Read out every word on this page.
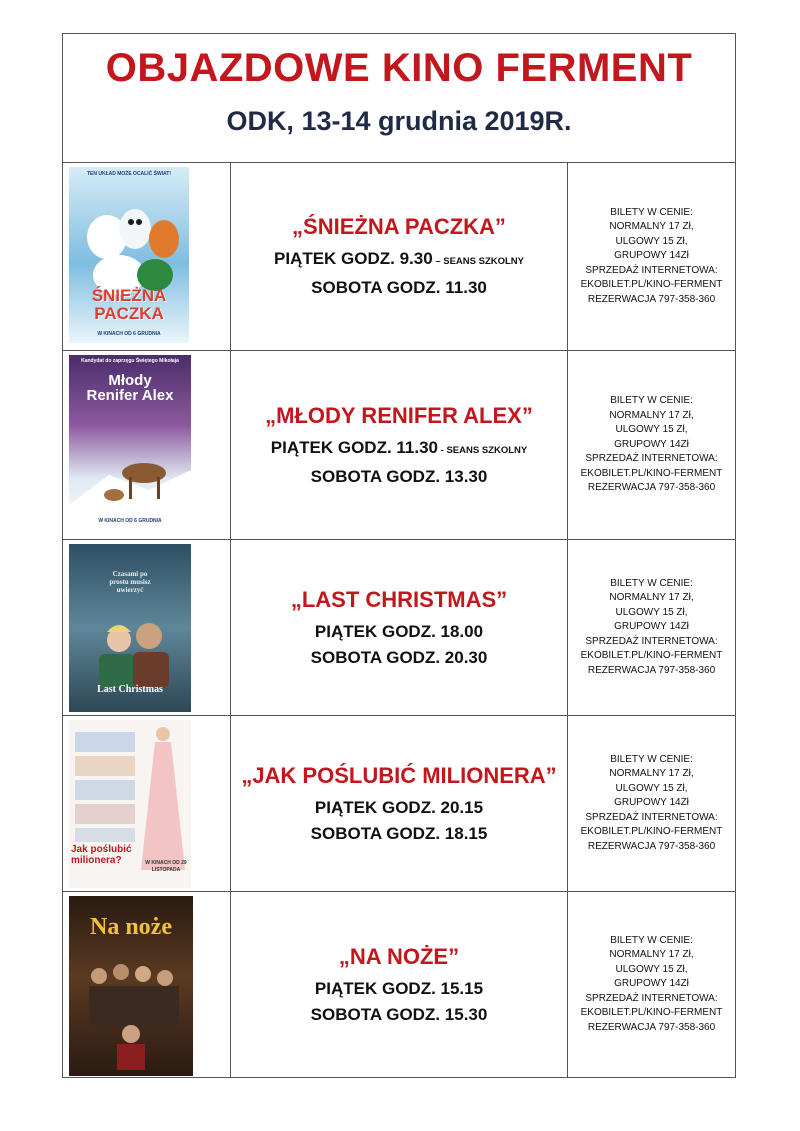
OBJAZDOWE KINO FERMENT
ODK, 13-14 grudnia 2019R.
TEN UKŁAD MOŻE OCALIĆ ŚWIAT!
ŚNIEŻNA PACZKA
W KINACH OD 6 GRUDNIA
„ŚNIEŻNA PACZKA”
PIĄTEK GODZ. 9.30 – SEANS SZKOLNY
SOBOTA GODZ. 11.30
BILETY W CENIE:
NORMALNY 17 Zł,
ULGOWY 15 Zł,
GRUPOWY 14Zł
SPRZEDAŻ INTERNETOWA:
EKOBILET.PL/KINO-FERMENT
REZERWACJA 797-358-360
Kandydat do zaprzęgu Świętego Mikołaja
Młody Renifer Alex
W KINACH OD 6 GRUDNIA
„MŁODY RENIFER ALEX”
PIĄTEK GODZ. 11.30 - SEANS SZKOLNY
SOBOTA GODZ. 13.30
BILETY W CENIE:
NORMALNY 17 Zł,
ULGOWY 15 Zł,
GRUPOWY 14Zł
SPRZEDAŻ INTERNETOWA:
EKOBILET.PL/KINO-FERMENT
REZERWACJA 797-358-360
Czasami po prostu musisz uwierzyć
Last Christmas
„LAST CHRISTMAS”
PIĄTEK GODZ. 18.00
SOBOTA GODZ. 20.30
BILETY W CENIE:
NORMALNY 17 Zł,
ULGOWY 15 Zł,
GRUPOWY 14Zł
SPRZEDAŻ INTERNETOWA:
EKOBILET.PL/KINO-FERMENT
REZERWACJA 797-358-360
Jak poślubić milionera?	W KINACH OD 29 LISTOPADA
„JAK POŚLUBIĆ MILIONERA”
PIĄTEK GODZ. 20.15
SOBOTA GODZ. 18.15
BILETY W CENIE:
NORMALNY 17 Zł,
ULGOWY 15 Zł,
GRUPOWY 14Zł
SPRZEDAŻ INTERNETOWA:
EKOBILET.PL/KINO-FERMENT
REZERWACJA 797-358-360
Na noże
„NA NOŻE”
PIĄTEK GODZ. 15.15
SOBOTA GODZ. 15.30
BILETY W CENIE:
NORMALNY 17 Zł,
ULGOWY 15 Zł,
GRUPOWY 14Zł
SPRZEDAŻ INTERNETOWA:
EKOBILET.PL/KINO-FERMENT
REZERWACJA 797-358-360
